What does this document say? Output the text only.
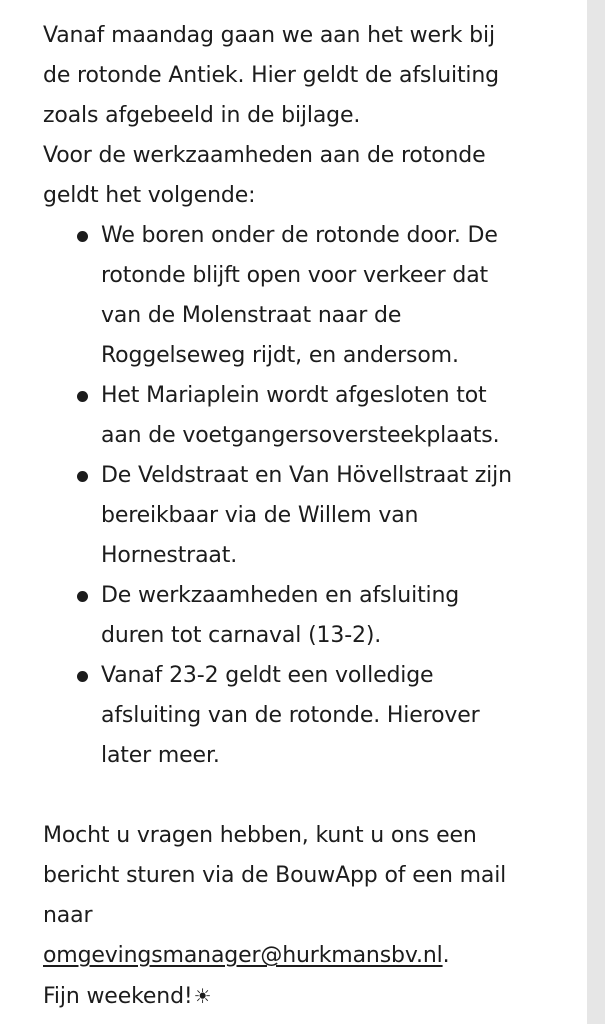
Vanaf maandag gaan we aan het werk bij

de rotonde Antiek. Hier geldt de afsluiting

zoals afgebeeld in de bijlage.

Voor de werkzaamheden aan de rotonde

geldt het volgende:

We boren onder de rotonde door. De
rotonde blijft open voor verkeer dat
van de Molenstraat naar de
Roggelseweg rijdt, en andersom.
Het Mariaplein wordt afgesloten tot
aan de voetgangersoversteekplaats.
De Veldstraat en Van Hövellstraat zijn
bereikbaar via de Willem van
Hornestraat.
De werkzaamheden en afsluiting
duren tot carnaval (13-2).
Vanaf 23-2 geldt een volledige
afsluiting van de rotonde. Hierover
later meer.

Mocht u vragen hebben, kunt u ons een

bericht sturen via de BouwApp of een mail

naar

omgevingsmanager@hurkmansbv.nl.

Fijn weekend!☀
